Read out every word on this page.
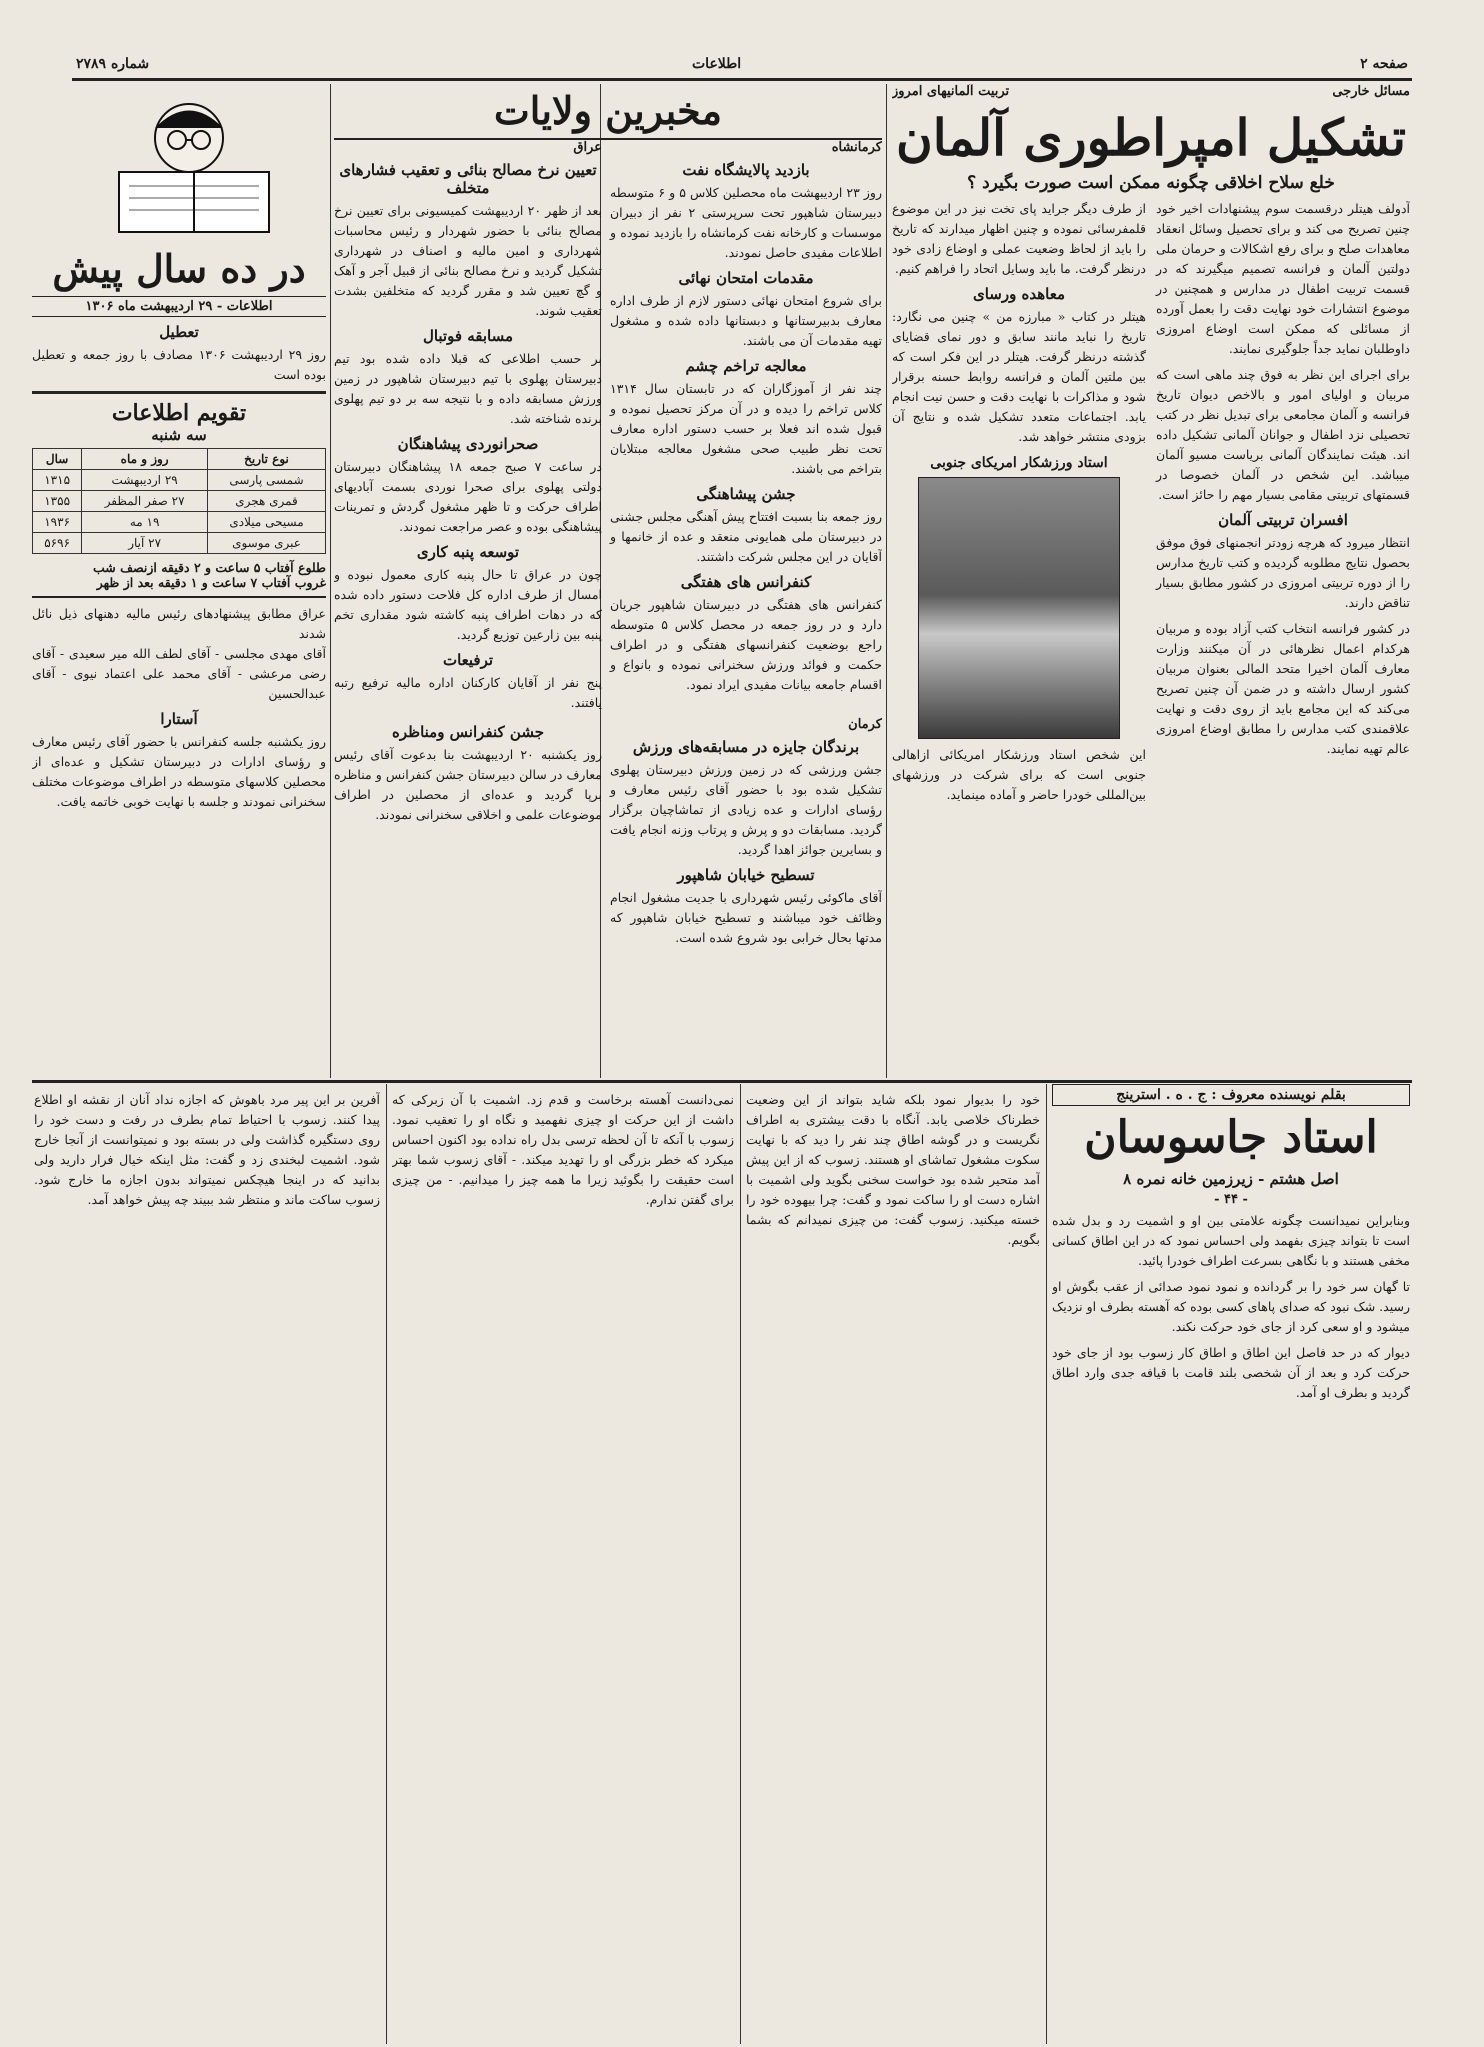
صفحه ۲
اطلاعات
شماره ۲۷۸۹
مسائل خارجی
تربیت آلمانیهای امروز
تشکیل امپراطوری آلمان
خلع سلاح اخلاقی چگونه ممکن است صورت بگیرد ؟

آدولف هیتلر درقسمت سوم پیشنهادات اخیر خود چنین تصریح می کند و برای تحصیل وسائل انعقاد معاهدات صلح و برای رفع اشکالات و حرمان ملی دولتین آلمان و فرانسه تصمیم میگیرند که در قسمت تربیت اطفال در مدارس و همچنین در موضوع انتشارات خود نهایت دقت را بعمل آورده از مسائلی که ممکن است اوضاع امروزی داوطلبان نماید جداً جلوگیری نمایند.

برای اجرای این نظر به فوق چند ماهی است که مربیان و اولیای امور و بالاخص دیوان تاریخ فرانسه و آلمان مجامعی برای تبدیل نظر در کتب تحصیلی نزد اطفال و جوانان آلمانی تشکیل داده اند. هیئت نمایندگان آلمانی بریاست مسیو آلمان میباشد. این شخص در آلمان خصوصا در قسمتهای تربیتی مقامی بسیار مهم را حائز است.

افسران تربیتی آلمان

انتظار میرود که هرچه زودتر انجمنهای فوق موفق بحصول نتایج مطلوبه گردیده و کتب تاریخ مدارس را از دوره تربیتی امروزی در کشور مطابق بسیار تناقض دارند.

در کشور فرانسه انتخاب کتب آزاد بوده و مربیان هرکدام اعمال نظرهائی در آن میکنند وزارت معارف آلمان اخیرا متحد المالی بعنوان مربیان کشور ارسال داشته و در ضمن آن چنین تصریح می‌کند که این مجامع باید از روی دقت و نهایت علاقمندی کتب مدارس را مطابق اوضاع امروزی عالم تهیه نمایند.

از طرف دیگر جراید پای تخت نیز در این موضوع قلمفرسائی نموده و چنین اظهار میدارند که تاریخ را باید از لحاظ وضعیت عملی و اوضاع زادی خود درنظر گرفت. ما باید وسایل اتحاد را فراهم کنیم.

معاهده ورسای

هیتلر در کتاب « مبارزه من » چنین می نگارد: تاریخ را نباید مانند سابق و دور نمای قضایای گذشته درنظر گرفت. هیتلر در این فکر است که بین ملتین آلمان و فرانسه روابط حسنه برقرار شود و مذاکرات با نهایت دقت و حسن نیت انجام یابد. اجتماعات متعدد تشکیل شده و نتایج آن بزودی منتشر خواهد شد.

استاد ورزشکار امریکای جنوبی

این شخص استاد ورزشکار امریکائی ازاهالی جنوبی است که برای شرکت در ورزشهای بین‌المللی خودرا حاضر و آماده مینماید.

مخبرین ولایات
کرمانشاه
بازدید پالایشگاه نفت

روز ۲۳ اردیبهشت ماه محصلین کلاس ۵ و ۶ متوسطه دبیرستان شاهپور تحت سرپرستی ۲ نفر از دبیران موسسات و کارخانه نفت کرمانشاه را بازدید نموده و اطلاعات مفیدی حاصل نمودند.

مقدمات امتحان نهائی

برای شروع امتحان نهائی دستور لازم از طرف اداره معارف بدبیرستانها و دبستانها داده شده و مشغول تهیه مقدمات آن می باشند.

معالجه تراخم چشم

چند نفر از آموزگاران که در تابستان سال ۱۳۱۴ کلاس تراخم را دیده و در آن مرکز تحصیل نموده و قبول شده اند فعلا بر حسب دستور اداره معارف تحت نظر طبیب صحی مشغول معالجه مبتلایان بتراخم می باشند.

جشن پیشاهنگی

روز جمعه بنا بسبت افتتاح پیش آهنگی مجلس جشنی در دبیرستان ملی همایونی منعقد و عده از خانمها و آقایان در این مجلس شرکت داشتند.

کنفرانس های هفتگی

کنفرانس های هفتگی در دبیرستان شاهپور جریان دارد و در روز جمعه در محصل کلاس ۵ متوسطه راجع بوضعیت کنفرانسهای هفتگی و در اطراف حکمت و فوائد ورزش سخنرانی نموده و بانواع و اقسام جامعه بیانات مفیدی ایراد نمود.

عراق
تعیین نرخ مصالح بنائی و تعقیب فشارهای متخلف

بعد از ظهر ۲۰ اردیبهشت کمیسیونی برای تعیین نرخ مصالح بنائی با حضور شهردار و رئیس محاسبات شهرداری و امین مالیه و اصناف در شهرداری تشکیل گردید و نرخ مصالح بنائی از قبیل آجر و آهک و گچ تعیین شد و مقرر گردید که متخلفین بشدت تعقیب شوند.

مسابقه فوتبال

بر حسب اطلاعی که قبلا داده شده بود تیم دبیرستان پهلوی با تیم دبیرستان شاهپور در زمین ورزش مسابقه داده و با نتیجه سه بر دو تیم پهلوی برنده شناخته شد.

صحرانوردی پیشاهنگان

در ساعت ۷ صبح جمعه ۱۸ پیشاهنگان دبیرستان دولتی پهلوی برای صحرا نوردی بسمت آبادیهای اطراف حرکت و تا ظهر مشغول گردش و تمرینات پیشاهنگی بوده و عصر مراجعت نمودند.

توسعه پنبه کاری

چون در عراق تا حال پنبه کاری معمول نبوده و امسال از طرف اداره کل فلاحت دستور داده شده که در دهات اطراف پنبه کاشته شود مقداری تخم پنبه بین زارعین توزیع گردید.

ترفیعات

پنج نفر از آقایان کارکنان اداره مالیه ترفیع رتبه یافتند.

کرمان
برندگان جایزه در مسابقه‌های ورزش

جشن ورزشی که در زمین ورزش دبیرستان پهلوی تشکیل شده بود با حضور آقای رئیس معارف و رؤسای ادارات و عده زیادی از تماشاچیان برگزار گردید. مسابقات دو و پرش و پرتاب وزنه انجام یافت و بسایرین جوائز اهدا گردید.

تسطیح خیابان شاهپور

آقای ماکوئی رئیس شهرداری با جدیت مشغول انجام وظائف خود میباشند و تسطیح خیابان شاهپور که مدتها بحال خرابی بود شروع شده است.

جشن کنفرانس ومناظره

روز یکشنبه ۲۰ اردیبهشت بنا بدعوت آقای رئیس معارف در سالن دبیرستان جشن کنفرانس و مناظره برپا گردید و عده‌ای از محصلین در اطراف موضوعات علمی و اخلاقی سخنرانی نمودند.

در ده سال پیش
اطلاعات - ۲۹ اردیبهشت ماه ۱۳۰۶
تعطیل

روز ۲۹ اردیبهشت ۱۳۰۶ مصادف با روز جمعه و تعطیل بوده است

تقویم اطلاعات
سه شنبه
نوع تاریخ	روز و ماه	سال
شمسی پارسی	۲۹ اردیبهشت	۱۳۱۵
قمری هجری	۲۷ صفر المظفر	۱۳۵۵
مسیحی میلادی	۱۹ مه	۱۹۳۶
عبری موسوی	۲۷ آیار	۵۶۹۶
طلوع آفتاب ۵ ساعت و ۲ دقیقه ازنصف شب
غروب آفتاب ۷ ساعت و ۱ دقیقه بعد از ظهر

عراق مطابق پیشنهادهای رئیس مالیه دهنهای ذیل نائل شدند

آقای مهدی مجلسی - آقای لطف الله میر سعیدی - آقای رضی مرعشی - آقای محمد علی اعتماد نیوی - آقای عبدالحسین

آستارا

روز یکشنبه جلسه کنفرانس با حضور آقای رئیس معارف و رؤسای ادارات در دبیرستان تشکیل و عده‌ای از محصلین کلاسهای متوسطه در اطراف موضوعات مختلف سخنرانی نمودند و جلسه با نهایت خوبی خاتمه یافت.

بقلم نویسنده معروف : ج . ه . استرینج
استاد جاسوسان
اصل هشتم - زیرزمین خانه نمره ۸
- ۴۴ -

وبنابراین نمیدانست چگونه علامتی بین او و اشمیت رد و بدل شده است تا بتواند چیزی بفهمد ولی احساس نمود که در این اطاق کسانی مخفی هستند و با نگاهی بسرعت اطراف خودرا پائید.

تا گهان سر خود را بر گردانده و نمود نمود صدائی از عقب بگوش او رسید. شک نبود که صدای پاهای کسی بوده که آهسته بطرف او نزدیک میشود و او سعی کرد از جای خود حرکت نکند.

دیوار که در حد فاصل این اطاق و اطاق کار زسوب بود از جای خود حرکت کرد و بعد از آن شخصی بلند قامت با قیافه جدی وارد اطاق گردید و بطرف او آمد.

خود را بدیوار نمود بلکه شاید بتواند از این وضعیت خطرناک خلاصی یابد. آنگاه با دقت بیشتری به اطراف نگریست و در گوشه اطاق چند نفر را دید که با نهایت سکوت مشغول تماشای او هستند. زسوب که از این پیش آمد متحیر شده بود خواست سخنی بگوید ولی اشمیت با اشاره دست او را ساکت نمود و گفت: چرا بیهوده خود را خسته میکنید. زسوب گفت: من چیزی نمیدانم که بشما بگویم.

نمی‌دانست آهسته برخاست و قدم زد. اشمیت با آن زبرکی که داشت از این حرکت او چیزی نفهمید و نگاه او را تعقیب نمود. زسوب با آنکه تا آن لحظه ترسی بدل راه نداده بود اکنون احساس میکرد که خطر بزرگی او را تهدید میکند. - آقای زسوب شما بهتر است حقیقت را بگوئید زیرا ما همه چیز را میدانیم. - من چیزی برای گفتن ندارم.

آفرین بر این پیر مرد باهوش که اجازه نداد آنان از نقشه او اطلاع پیدا کنند. زسوب با احتیاط تمام بطرف در رفت و دست خود را روی دستگیره گذاشت ولی در بسته بود و نمیتوانست از آنجا خارج شود. اشمیت لبخندی زد و گفت: مثل اینکه خیال فرار دارید ولی بدانید که در اینجا هیچکس نمیتواند بدون اجازه ما خارج شود. زسوب ساکت ماند و منتظر شد ببیند چه پیش خواهد آمد.
